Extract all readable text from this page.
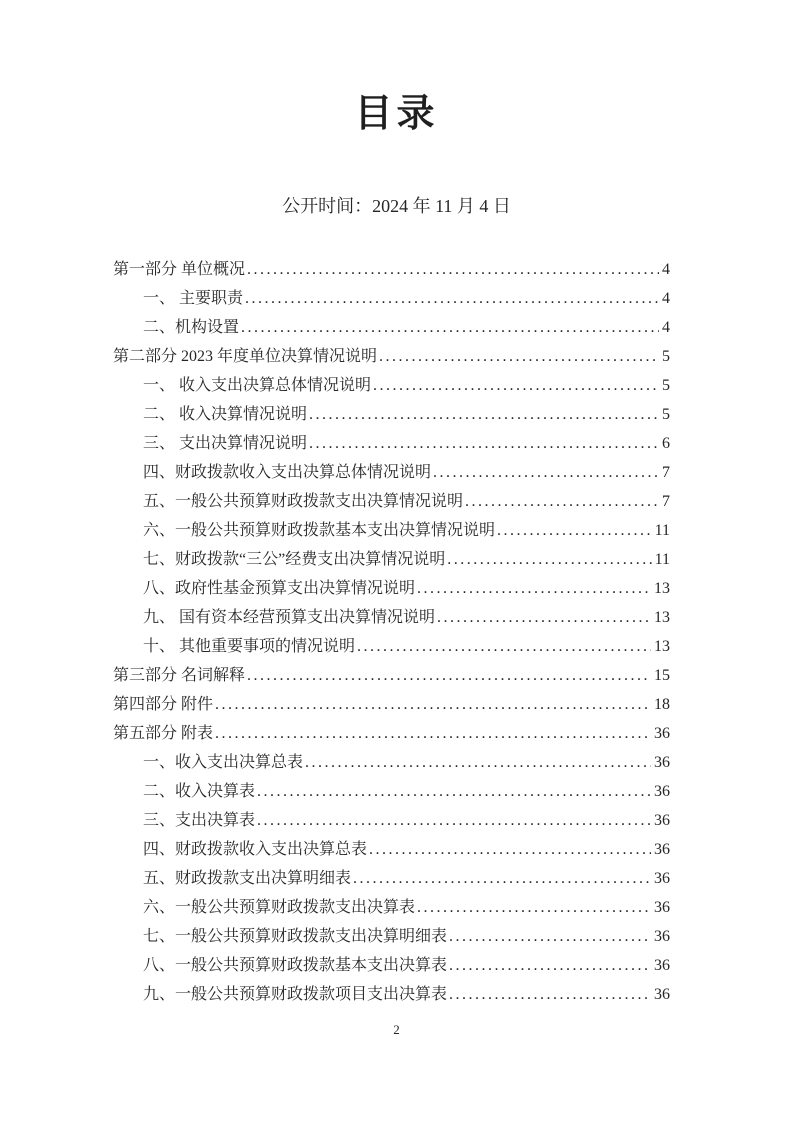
目录

公开时间：2024 年 11 月 4 日

第一部分 单位概况 .....	4
一、 主要职责 .....	4
二、机构设置 .....	4
第二部分 2023 年度单位决算情况说明 .....	5
一、 收入支出决算总体情况说明 .....	5
二、 收入决算情况说明 .....	5
三、 支出决算情况说明 .....	6
四、财政拨款收入支出决算总体情况说明 .....	7
五、一般公共预算财政拨款支出决算情况说明 .....	7
六、一般公共预算财政拨款基本支出决算情况说明 .....	11
七、财政拨款“三公”经费支出决算情况说明 .....	11
八、政府性基金预算支出决算情况说明 .....	13
九、 国有资本经营预算支出决算情况说明 .....	13
十、 其他重要事项的情况说明 .....	13
第三部分 名词解释 .....	15
第四部分 附件 .....	18
第五部分 附表 .....	36
一、收入支出决算总表 .....	36
二、收入决算表 .....	36
三、支出决算表 .....	36
四、财政拨款收入支出决算总表 .....	36
五、财政拨款支出决算明细表 .....	36
六、一般公共预算财政拨款支出决算表 .....	36
七、一般公共预算财政拨款支出决算明细表 .....	36
八、一般公共预算财政拨款基本支出决算表 .....	36
九、一般公共预算财政拨款项目支出决算表 .....	36
2
